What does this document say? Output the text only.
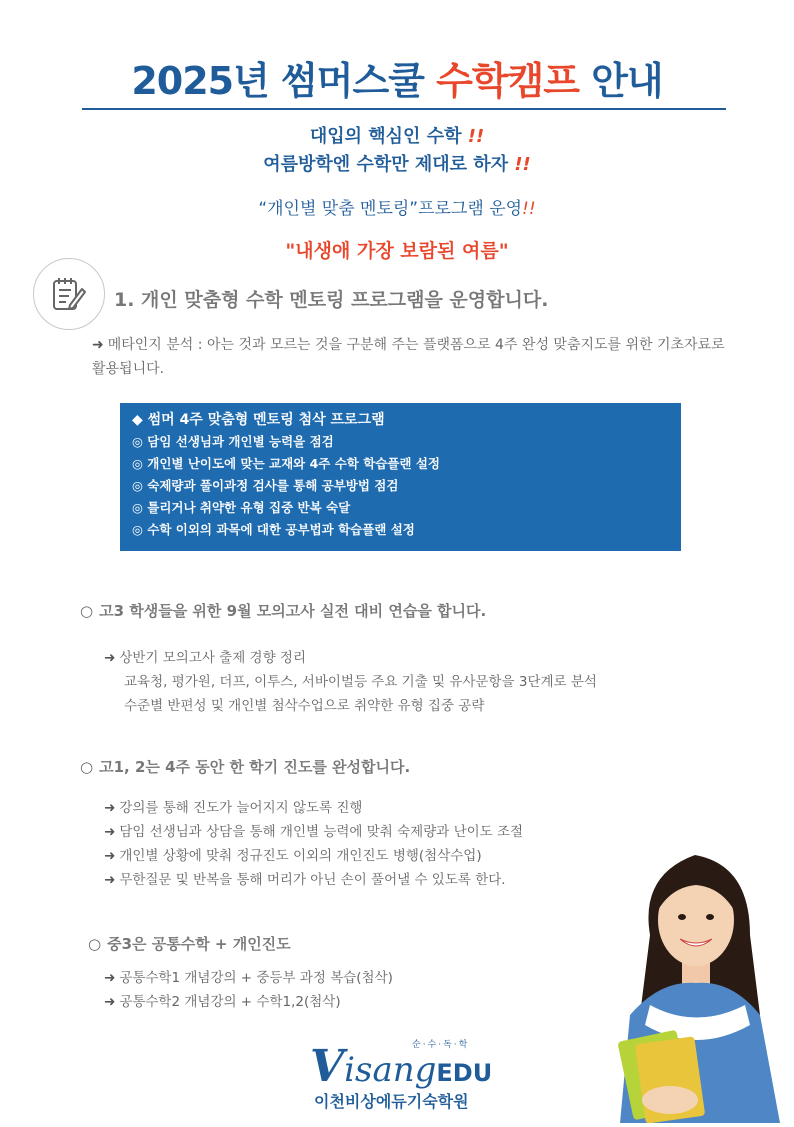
2025년 썸머스쿨 수학캠프 안내
대입의 핵심인 수학 !!
여름방학엔 수학만 제대로 하자 !!
“개인별 맞춤 멘토링”프로그램 운영!!
"내생애 가장 보람된 여름"
1. 개인 맞춤형 수학 멘토링 프로그램을 운영합니다.
➜ 메타인지 분석 : 아는 것과 모르는 것을 구분해 주는 플랫폼으로 4주 완성 맞춤지도를 위한 기초자료로 활용됩니다.
◆ 썸머 4주 맞춤형 멘토링 첨삭 프로그램
◎ 담임 선생님과 개인별 능력을 점검
◎ 개인별 난이도에 맞는 교재와 4주 수학 학습플랜 설정
◎ 숙제량과 풀이과정 검사를 통해 공부방법 점검
◎ 틀리거나 취약한 유형 집중 반복 숙달
◎ 수학 이외의 과목에 대한 공부법과 학습플랜 설정
○ 고3 학생들을 위한 9월 모의고사 실전 대비 연습을 합니다.
➜ 상반기 모의고사 출제 경향 정리
교육청, 평가원, 더프, 이투스, 서바이벌등 주요 기출 및 유사문항을 3단계로 분석
수준별 반편성 및 개인별 첨삭수업으로 취약한 유형 집중 공략
○ 고1, 2는 4주 동안 한 학기 진도를 완성합니다.
➜ 강의를 통해 진도가 늘어지지 않도록 진행
➜ 담임 선생님과 상담을 통해 개인별 능력에 맞춰 숙제량과 난이도 조절
➜ 개인별 상황에 맞춰 정규진도 이외의 개인진도 병행(첨삭수업)
➜ 무한질문 및 반복을 통해 머리가 아닌 손이 풀어낼 수 있도록 한다.
○ 중3은 공통수학 + 개인진도
➜ 공통수학1 개념강의 + 중등부 과정 복습(첨삭)
➜ 공통수학2 개념강의 + 수학1,2(첨삭)
순·수·독·학
VisangEDU
이천비상에듀기숙학원
